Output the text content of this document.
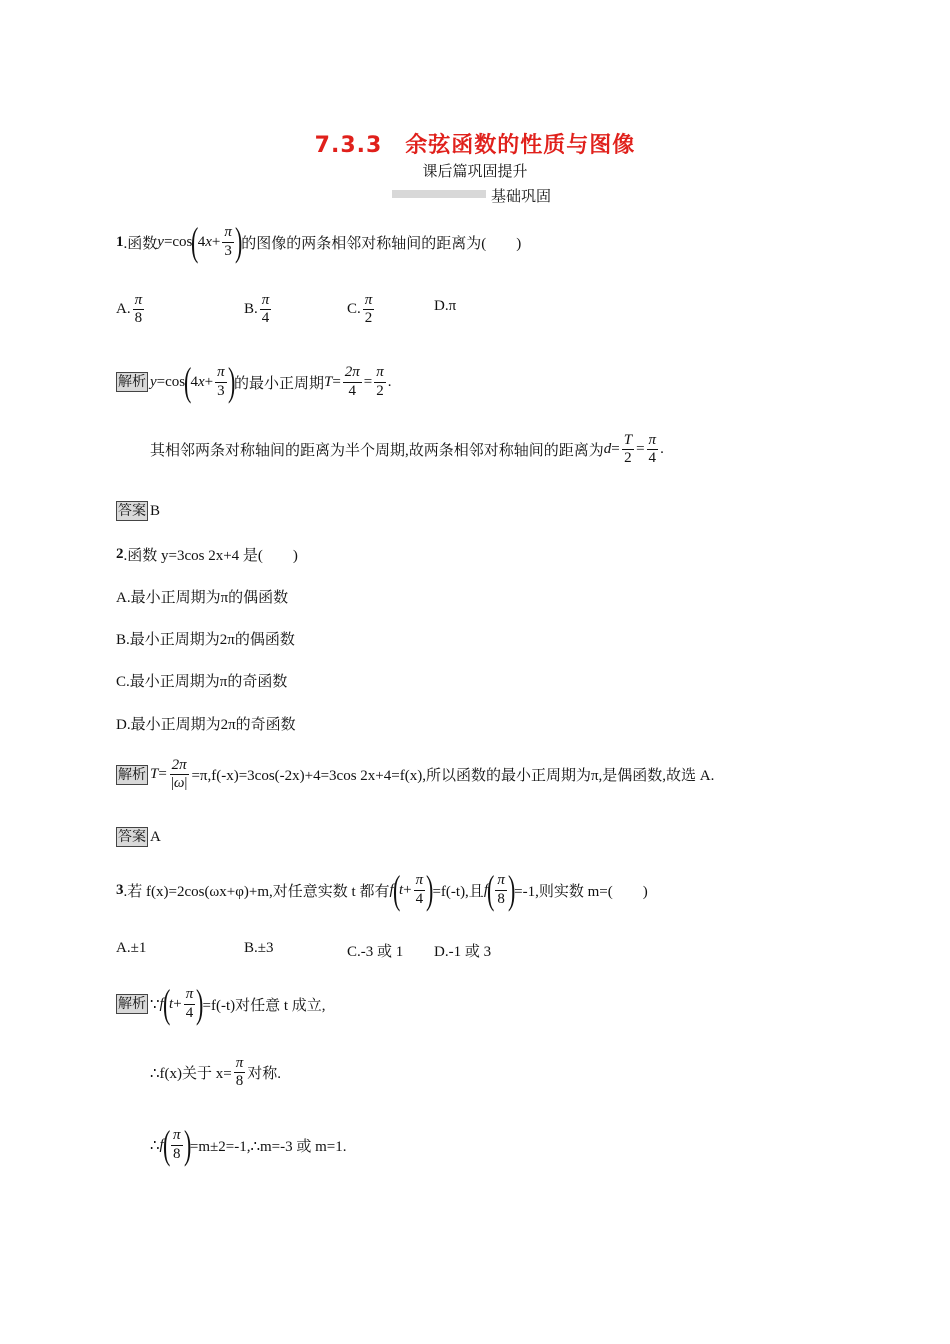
7.3.3　余弦函数的性质与图像
课后篇巩固提升
基础巩固
1 .函数 y =cos
(
4 $x + \frac{\pi}{3}$ )
的图像的两条相邻对称轴间的距离为(　　)
A. $\frac{\pi}{8}$	B. $\frac{\pi}{4}$	C. $\frac{\pi}{2}$	D.π
解析 y =cos
(
4 $x + \frac{\pi}{3}$ )
的最小正周期 $T = \frac{2\pi}{4} = \frac{\pi}{2}$ .
其相邻两条对称轴间的距离为半个周期,故两条相邻对称轴间的距离为 $d = \frac{T}{2} = \frac{\pi}{4}$ .
答案 B
2 .函数 y=3cos 2x+4 是(　　)
A.最小正周期为π的偶函数
B.最小正周期为2π的偶函数
C.最小正周期为π的奇函数
D.最小正周期为2π的奇函数
解析 $T = \frac{2\pi}{|\omega|} =\pi,f(-x)=3\cos(-2x)+4=3\cos$ 2x+4=f(x),所以函数的最小正周期为π,是偶函数,故选 A.
答案 A
3 .若 f(x)=2cos(ωx+φ)+m,对任意实数 t 都有 f
(
$t + \frac{\pi}{4}$ )
=f(-t),且 f
( $\frac{\pi}{8}$ )
=-1,则实数 m=(　　)
A.±1	B.±3	C.-3 或 1 D.-1 或 3
解析 ∵ f
(
$t + \frac{\pi}{4}$ )
=f(-t)对任意 t 成立,
∴f(x)关于 $x= \frac{\pi}{8}$ 对称.
∴ f
( $\frac{\pi}{8}$ )
=m±2=-1,∴m=-3 或 m=1.
